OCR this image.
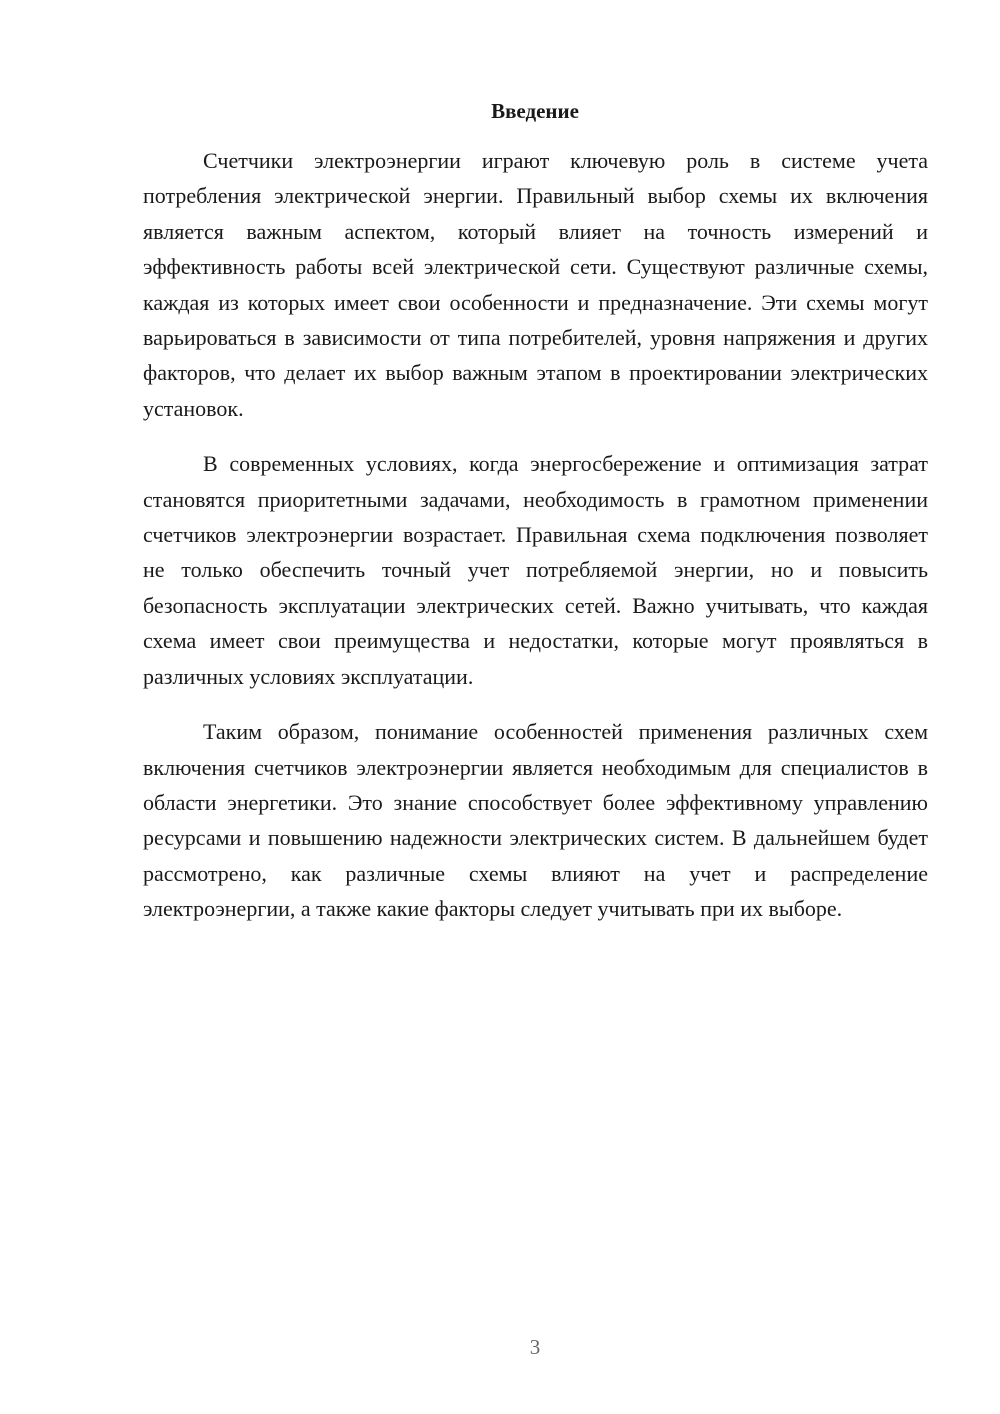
Введение

Счетчики электроэнергии играют ключевую роль в системе учета потребления электрической энергии. Правильный выбор схемы их включения является важным аспектом, который влияет на точность измерений и эффективность работы всей электрической сети. Существуют различные схемы, каждая из которых имеет свои особенности и предназначение. Эти схемы могут варьироваться в зависимости от типа потребителей, уровня напряжения и других факторов, что делает их выбор важным этапом в проектировании электрических установок.

В современных условиях, когда энергосбережение и оптимизация затрат становятся приоритетными задачами, необходимость в грамотном применении счетчиков электроэнергии возрастает. Правильная схема подключения позволяет не только обеспечить точный учет потребляемой энергии, но и повысить безопасность эксплуатации электрических сетей. Важно учитывать, что каждая схема имеет свои преимущества и недостатки, которые могут проявляться в различных условиях эксплуатации.

Таким образом, понимание особенностей применения различных схем включения счетчиков электроэнергии является необходимым для специалистов в области энергетики. Это знание способствует более эффективному управлению ресурсами и повышению надежности электрических систем. В дальнейшем будет рассмотрено, как различные схемы влияют на учет и распределение электроэнергии, а также какие факторы следует учитывать при их выборе.

3
